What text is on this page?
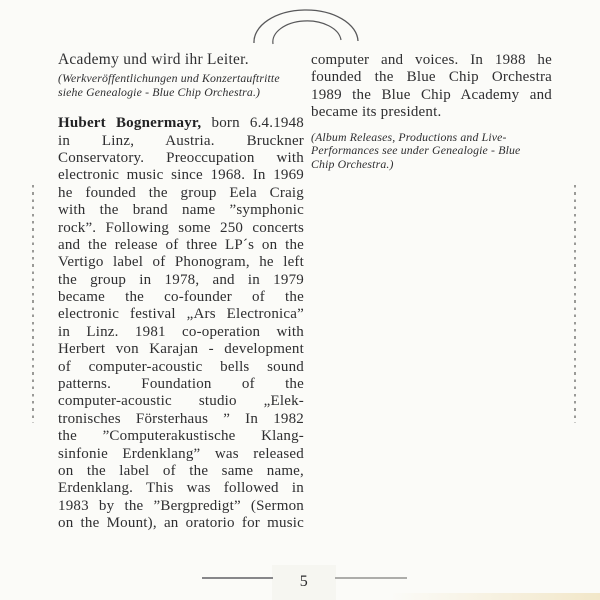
Academy und wird ihr Leiter.
(Werkveröffentlichungen und Konzertauftritte
siehe Genealogie - Blue Chip Orchestra.)
Hubert Bognermayr, born 6.4.1948
in Linz, Austria. Bruckner
Conservatory. Preoccupation with
electronic music since 1968. In 1969
he founded the group Eela Craig
with the brand name ”symphonic
rock”. Following some 250 concerts
and the release of three LP´s on the
Vertigo label of Phonogram, he left
the group in 1978, and in 1979
became the co-founder of the
electronic festival „Ars Electronica”
in Linz. 1981 co-operation with
Herbert von Karajan - development
of computer-acoustic bells sound
patterns. Foundation of the
computer-acoustic studio „Elek-
tronisches Försterhaus ” In 1982
the ”Computerakustische Klang-
sinfonie Erdenklang” was released
on the label of the same name,
Erdenklang. This was followed in
1983 by the ”Bergpredigt” (Sermon
on the Mount), an oratorio for music
computer and voices. In 1988 he
founded the Blue Chip Orchestra
1989 the Blue Chip Academy and
became its president.
(Album Releases, Productions and Live-
Performances see under Genealogie - Blue
Chip Orchestra.)
5
